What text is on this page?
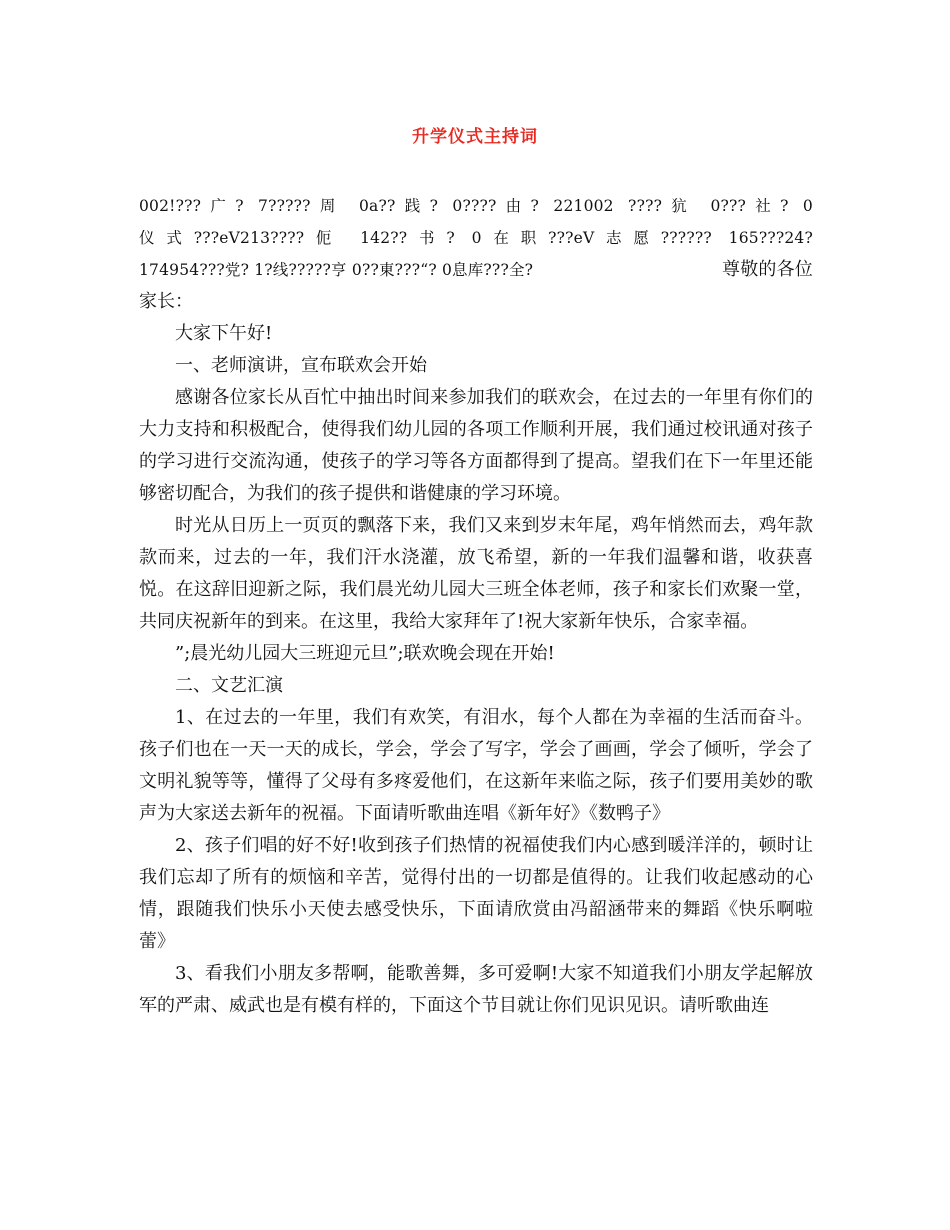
升学仪式主持词

002!???广? 7?????周 0a??践? 0????由? 221002 ????犺 0???社? 0

仪式???eV213????伌 142??书? 0在职???eV志愿?????? 165???24?

174954???党? 1?线?????亨 0??東???“? 0息库???全?	尊敬的各位

家长：

大家下午好!

一、老师演讲，宣布联欢会开始

感谢各位家长从百忙中抽出时间来参加我们的联欢会，在过去的一年里有你们的大力支持和积极配合，使得我们幼儿园的各项工作顺利开展，我们通过校讯通对孩子的学习进行交流沟通，使孩子的学习等各方面都得到了提高。望我们在下一年里还能够密切配合，为我们的孩子提供和谐健康的学习环境。

时光从日历上一页页的飘落下来，我们又来到岁末年尾，鸡年悄然而去，鸡年款款而来，过去的一年，我们汗水浇灌，放飞希望，新的一年我们温馨和谐，收获喜悦。在这辞旧迎新之际，我们晨光幼儿园大三班全体老师，孩子和家长们欢聚一堂，共同庆祝新年的到来。在这里，我给大家拜年了!祝大家新年快乐，合家幸福。

”;晨光幼儿园大三班迎元旦”;联欢晚会现在开始!

二、文艺汇演

1、在过去的一年里，我们有欢笑，有泪水，每个人都在为幸福的生活而奋斗。孩子们也在一天一天的成长，学会，学会了写字，学会了画画，学会了倾听，学会了文明礼貌等等，懂得了父母有多疼爱他们，在这新年来临之际，孩子们要用美妙的歌声为大家送去新年的祝福。下面请听歌曲连唱《新年好》《数鸭子》

2、孩子们唱的好不好!收到孩子们热情的祝福使我们内心感到暖洋洋的，顿时让我们忘却了所有的烦恼和辛苦，觉得付出的一切都是值得的。让我们收起感动的心情，跟随我们快乐小天使去感受快乐，下面请欣赏由冯韶涵带来的舞蹈《快乐啊啦蕾》

3、看我们小朋友多帮啊，能歌善舞，多可爱啊!大家不知道我们小朋友学起解放军的严肃、威武也是有模有样的，下面这个节目就让你们见识见识。请听歌曲连
